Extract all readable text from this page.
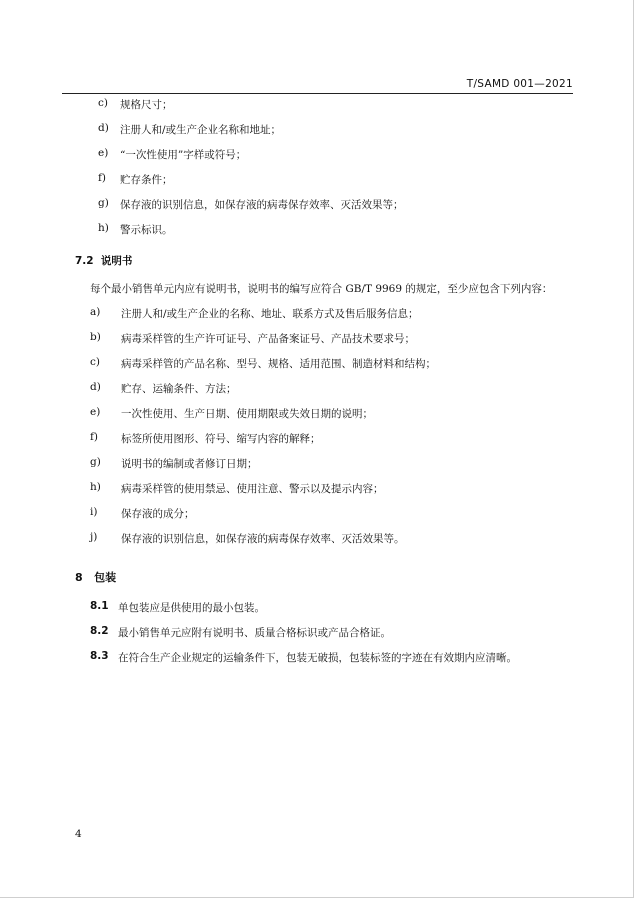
T/SAMD 001—2021
c) 规格尺寸；
d) 注册人和/或生产企业名称和地址；
e) “一次性使用”字样或符号；
f) 贮存条件；
g) 保存液的识别信息，如保存液的病毒保存效率、灭活效果等；
h) 警示标识。
7.2 说明书
每个最小销售单元内应有说明书，说明书的编写应符合 GB/T 9969 的规定，至少应包含下列内容：
a) 注册人和/或生产企业的名称、地址、联系方式及售后服务信息；
b) 病毒采样管的生产许可证号、产品备案证号、产品技术要求号；
c) 病毒采样管的产品名称、型号、规格、适用范围、制造材料和结构；
d) 贮存、运输条件、方法；
e) 一次性使用、生产日期、使用期限或失效日期的说明；
f) 标签所使用图形、符号、缩写内容的解释；
g) 说明书的编制或者修订日期；
h) 病毒采样管的使用禁忌、使用注意、警示以及提示内容；
i) 保存液的成分；
j) 保存液的识别信息，如保存液的病毒保存效率、灭活效果等。
8 包装
8.1 单包装应是供使用的最小包装。
8.2 最小销售单元应附有说明书、质量合格标识或产品合格证。
8.3 在符合生产企业规定的运输条件下，包装无破损，包装标签的字迹在有效期内应清晰。
4
